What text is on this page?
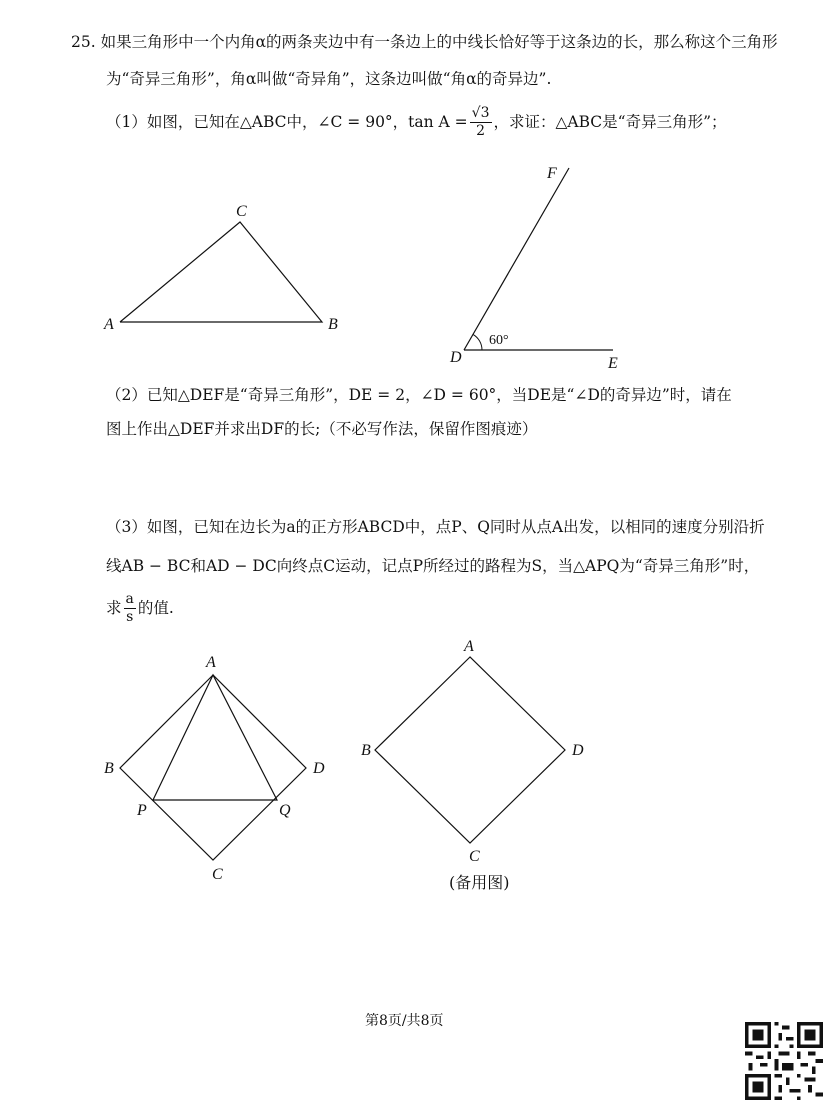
25. 如果三角形中一个内角α的两条夹边中有一条边上的中线长恰好等于这条边的长，那么称这个三角形
为“奇异三角形”，角α叫做“奇异角”，这条边叫做“角α的奇异边”.
（1）如图，已知在△ABC中，∠C = 90°，$\tan A = \frac{√3}{2}$ ，求证：△ABC是“奇异三角形”；
C
A	B
F
D	E
60°
（2）已知△DEF是“奇异三角形”，DE = 2，∠D = 60°，当DE是“∠D的奇异边”时，请在
图上作出△DEF并求出DF的长;（不必写作法，保留作图痕迹）
（3）如图，已知在边长为a的正方形ABCD中，点P、Q同时从点A出发，以相同的速度分别沿折
线AB − BC和AD − DC向终点C运动，记点P所经过的路程为S，当△APQ为“奇异三角形”时，
求 $\frac{a}{s}$ 的值.
A
B	D
P	Q
C
A
B	D
C
(备用图)
第8页/共8页
